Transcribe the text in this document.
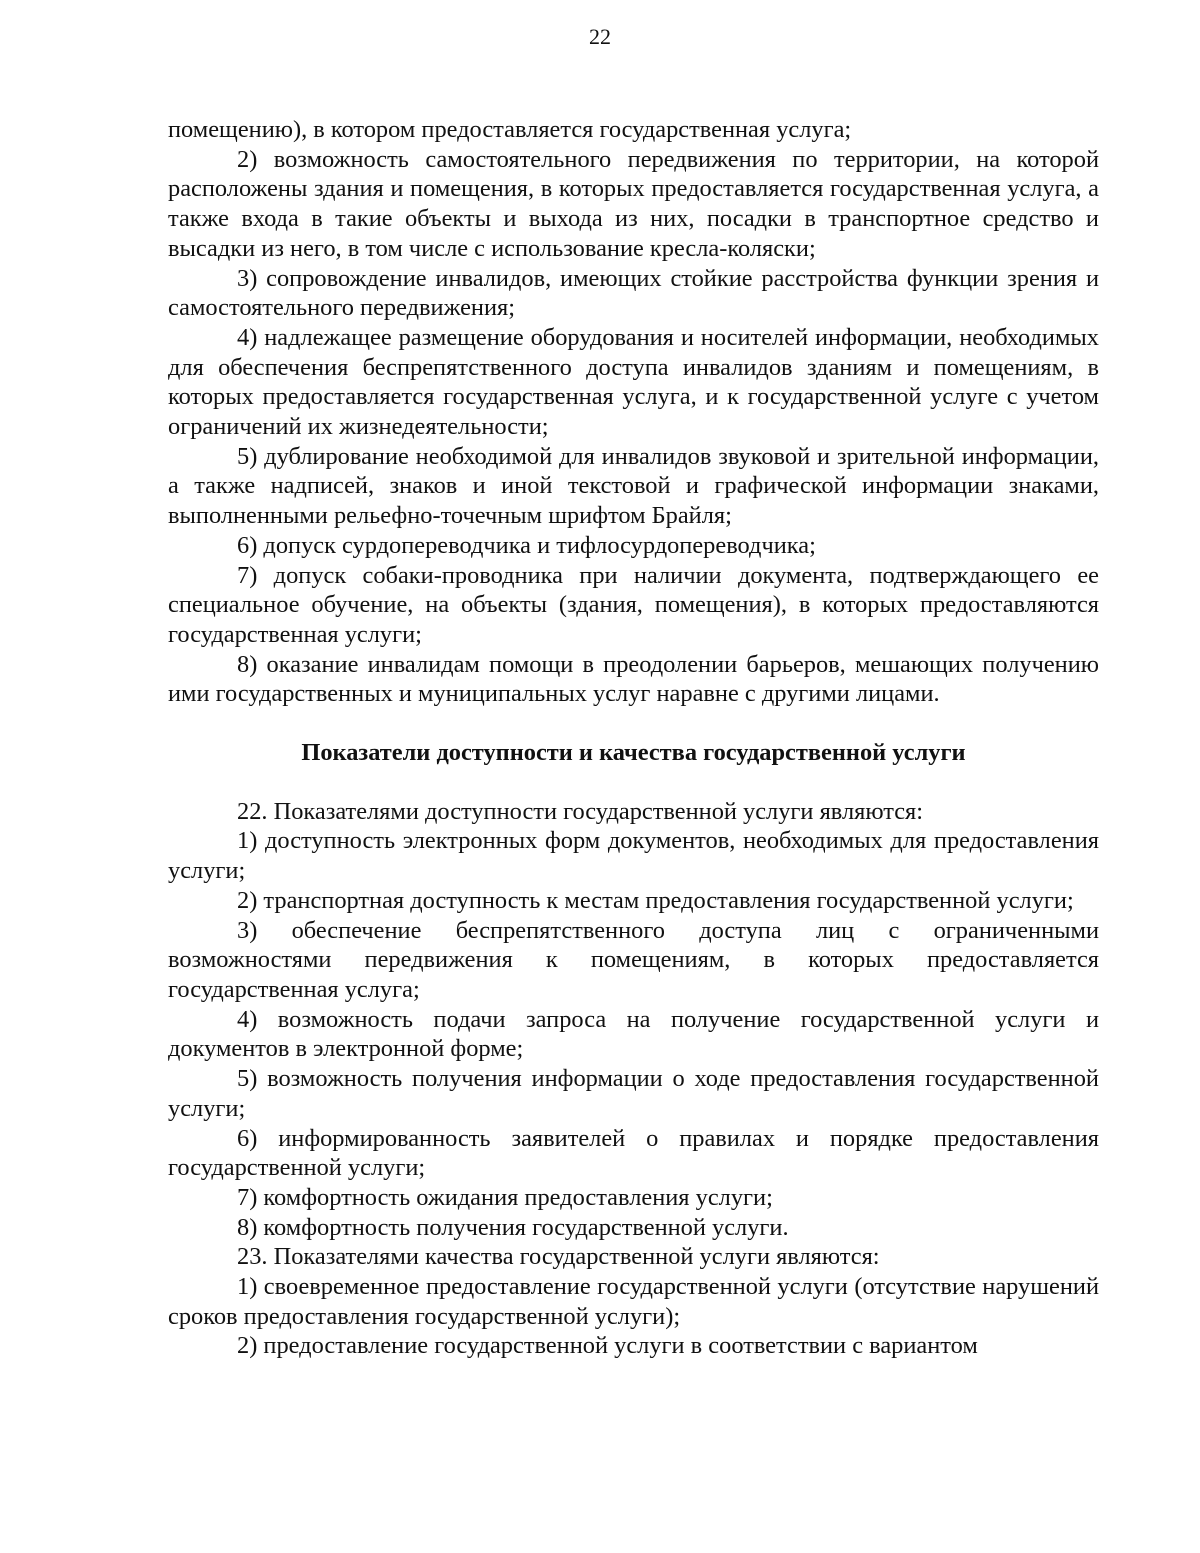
22

помещению), в котором предоставляется государственная услуга;

2) возможность самостоятельного передвижения по территории, на которой расположены здания и помещения, в которых предоставляется государственная услуга, а также входа в такие объекты и выхода из них, посадки в транспортное средство и высадки из него, в том числе с использование кресла-коляски;

3) сопровождение инвалидов, имеющих стойкие расстройства функции зрения и самостоятельного передвижения;

4) надлежащее размещение оборудования и носителей информации, необходимых для обеспечения беспрепятственного доступа инвалидов зданиям и помещениям, в которых предоставляется государственная услуга, и к государственной услуге с учетом ограничений их жизнедеятельности;

5) дублирование необходимой для инвалидов звуковой и зрительной информации, а также надписей, знаков и иной текстовой и графической информации знаками, выполненными рельефно-точечным шрифтом Брайля;

6) допуск сурдопереводчика и тифлосурдопереводчика;

7) допуск собаки-проводника при наличии документа, подтверждающего ее специальное обучение, на объекты (здания, помещения), в которых предоставляются государственная услуги;

8) оказание инвалидам помощи в преодолении барьеров, мешающих получению ими государственных и муниципальных услуг наравне с другими лицами.

Показатели доступности и качества государственной услуги

22. Показателями доступности государственной услуги являются:

1) доступность электронных форм документов, необходимых для предоставления услуги;

2) транспортная доступность к местам предоставления государственной услуги;

3) обеспечение беспрепятственного доступа лиц с ограниченными возможностями передвижения к помещениям, в которых предоставляется государственная услуга;

4) возможность подачи запроса на получение государственной услуги и документов в электронной форме;

5) возможность получения информации о ходе предоставления государственной услуги;

6) информированность заявителей о правилах и порядке предоставления государственной услуги;

7) комфортность ожидания предоставления услуги;

8) комфортность получения государственной услуги.

23. Показателями качества государственной услуги являются:

1) своевременное предоставление государственной услуги (отсутствие нарушений сроков предоставления государственной услуги);

2) предоставление государственной услуги в соответствии с вариантом
